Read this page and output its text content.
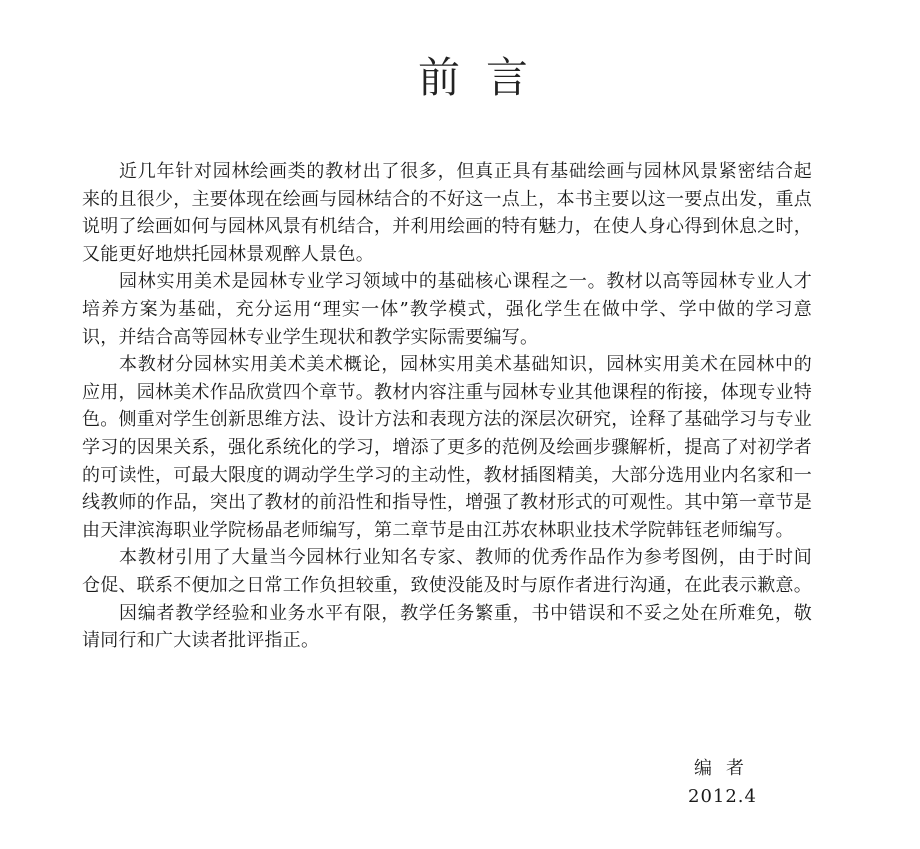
前言

近几年针对园林绘画类的教材出了很多，但真正具有基础绘画与园林风景紧密结合起来的且很少，主要体现在绘画与园林结合的不好这一点上，本书主要以这一要点出发，重点说明了绘画如何与园林风景有机结合，并利用绘画的特有魅力，在使人身心得到休息之时，又能更好地烘托园林景观醉人景色。

园林实用美术是园林专业学习领域中的基础核心课程之一。教材以高等园林专业人才培养方案为基础，充分运用“理实一体”教学模式，强化学生在做中学、学中做的学习意识，并结合高等园林专业学生现状和教学实际需要编写。

本教材分园林实用美术美术概论，园林实用美术基础知识，园林实用美术在园林中的应用，园林美术作品欣赏四个章节。教材内容注重与园林专业其他课程的衔接，体现专业特色。侧重对学生创新思维方法、设计方法和表现方法的深层次研究，诠释了基础学习与专业学习的因果关系，强化系统化的学习，增添了更多的范例及绘画步骤解析，提高了对初学者的可读性，可最大限度的调动学生学习的主动性，教材插图精美，大部分选用业内名家和一线教师的作品，突出了教材的前沿性和指导性，增强了教材形式的可观性。其中第一章节是由天津滨海职业学院杨晶老师编写，第二章节是由江苏农林职业技术学院韩钰老师编写。

本教材引用了大量当今园林行业知名专家、教师的优秀作品作为参考图例，由于时间仓促、联系不便加之日常工作负担较重，致使没能及时与原作者进行沟通，在此表示歉意。

因编者教学经验和业务水平有限，教学任务繁重，书中错误和不妥之处在所难免，敬请同行和广大读者批评指正。

编者
2012.4
